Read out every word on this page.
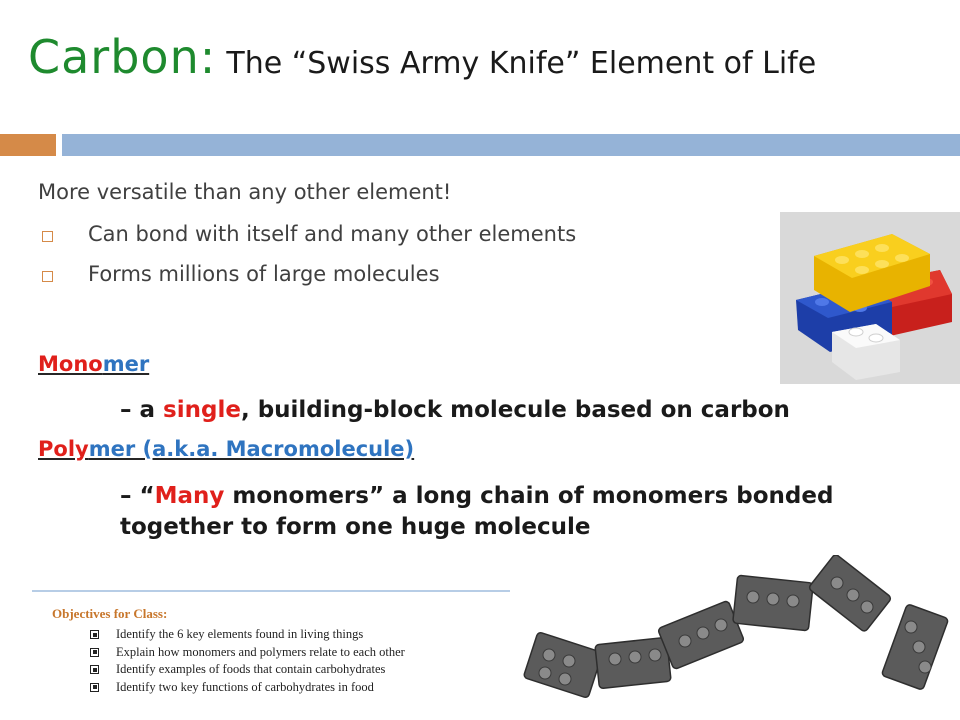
Carbon: The “Swiss Army Knife” Element of Life
More versatile than any other element!
Can bond with itself and many other elements
Forms millions of large molecules
Monomer
– a single, building-block molecule based on carbon
Polymer (a.k.a. Macromolecule)
– “Many monomers” a long chain of monomers bonded together to form one huge molecule
Objectives for Class:
Identify the 6 key elements found in living things
Explain how monomers and polymers relate to each other
Identify examples of foods that contain carbohydrates
Identify two key functions of carbohydrates in food
